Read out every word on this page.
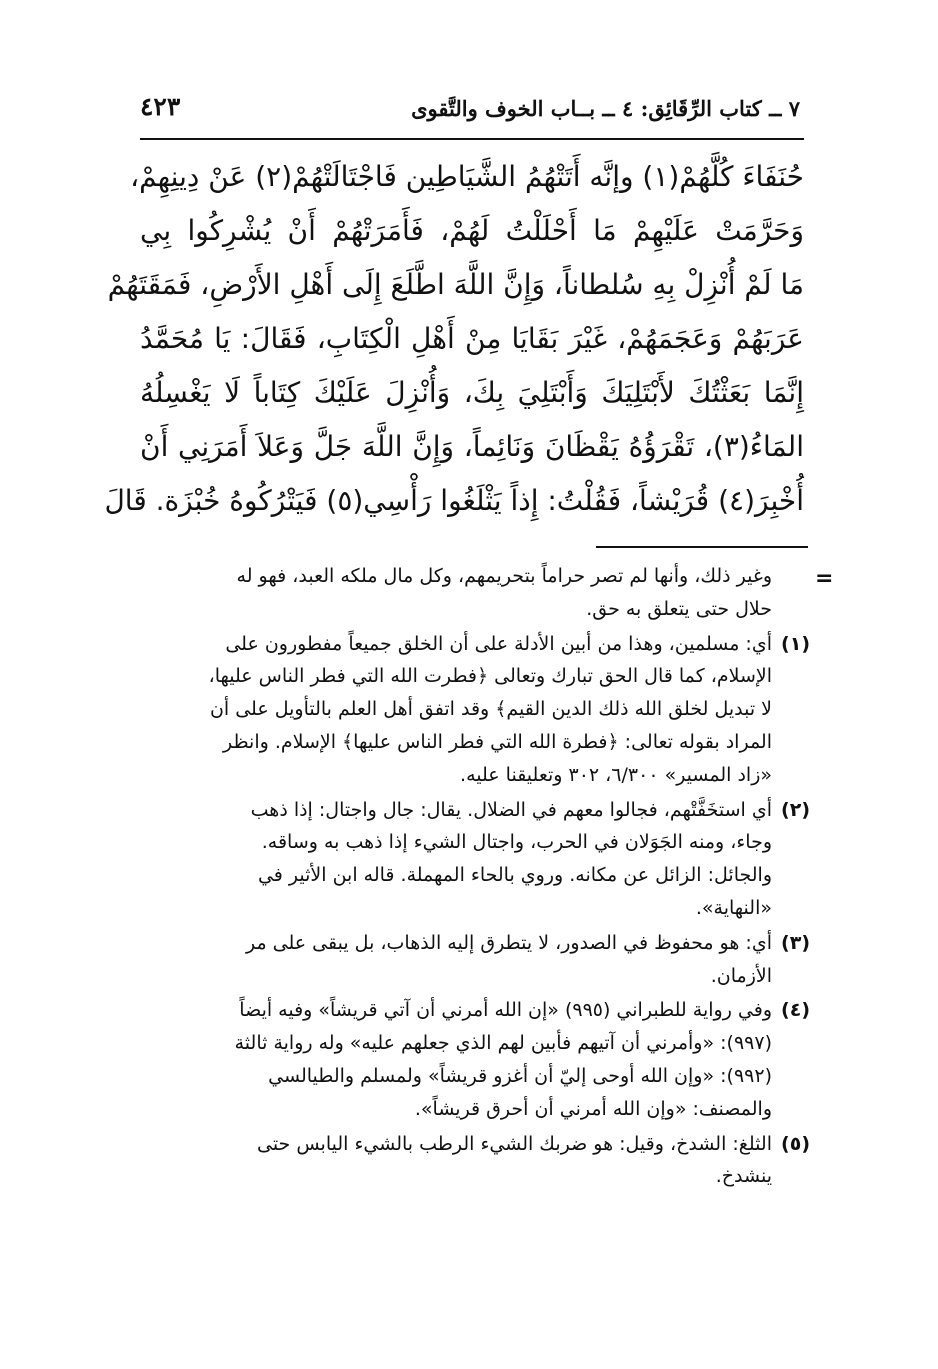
٧ ــ كتاب الرِّقَائِق: ٤ ــ بــاب الخوف والتَّقوى
٤٢٣
حُنَفَاءَ كُلَّهُمْ(١) وإنَّه أَتَتْهُمُ الشَّيَاطِين فَاجْتَالَتْهُمْ(٢) عَنْ دِينِهِمْ،
وَحَرَّمَتْ عَلَيْهِمْ مَا أَحْلَلْتُ لَهُمْ، فَأَمَرَتْهُمْ أَنْ يُشْرِكُوا بِي
مَا لَمْ أُنْزِلْ بِهِ سُلطاناً، وَإِنَّ اللَّهَ اطَّلَعَ إِلَى أَهْلِ الأَرْضِ، فَمَقَتَهُمْ
عَرَبَهُمْ وَعَجَمَهُمْ، غَيْرَ بَقَايَا مِنْ أَهْلِ الْكِتَابِ، فَقَالَ: يَا مُحَمَّدُ
إِنَّمَا بَعَثْتُكَ لأَبْتَلِيَكَ وَأَبْتَلِيَ بِكَ، وَأُنْزِلَ عَلَيْكَ كِتَاباً لَا يَغْسِلُهُ
المَاءُ(٣)، تَقْرَؤُهُ يَقْظَانَ وَنَائِماً، وَإِنَّ اللَّهَ جَلَّ وَعَلاَ أَمَرَنِي أَنْ
أُخْبِرَ(٤) قُرَيْشاً، فَقُلْتُ: إِذاً يَثْلَغُوا رَأْسِي(٥) فَيَتْرُكُوهُ خُبْزَة. قَالَ
=
وغير ذلك، وأنها لم تصر حراماً بتحريمهم، وكل مال ملكه العبد، فهو له
حلال حتى يتعلق به حق.
(١)
أي: مسلمين، وهذا من أبين الأدلة على أن الخلق جميعاً مفطورون على
الإسلام، كما قال الحق تبارك وتعالى ﴿فطرت الله التي فطر الناس عليها،
لا تبديل لخلق الله ذلك الدين القيم﴾ وقد اتفق أهل العلم بالتأويل على أن
المراد بقوله تعالى: ﴿فطرة الله التي فطر الناس عليها﴾ الإسلام. وانظر
«زاد المسير» ٦/٣٠٠، ٣٠٢ وتعليقنا عليه.
(٢)
أي استخَفَّتْهم، فجالوا معهم في الضلال. يقال: جال واجتال: إذا ذهب
وجاء، ومنه الجَوَلان في الحرب، واجتال الشيء إذا ذهب به وساقه.
والجائل: الزائل عن مكانه. وروي بالحاء المهملة. قاله ابن الأثير في
«النهاية».
(٣)
أي: هو محفوظ في الصدور، لا يتطرق إليه الذهاب، بل يبقى على مر
الأزمان.
(٤)
وفي رواية للطبراني (٩٩٥) «إن الله أمرني أن آتي قريشاً» وفيه أيضاً
(٩٩٧): «وأمرني أن آتيهم فأبين لهم الذي جعلهم عليه» وله رواية ثالثة
(٩٩٢): «وإن الله أوحى إليّ أن أغزو قريشاً» ولمسلم والطيالسي
والمصنف: «وإن الله أمرني أن أحرق قريشاً».
(٥)
الثلغ: الشدخ، وقيل: هو ضربك الشيء الرطب بالشيء اليابس حتى
ينشدخ.
